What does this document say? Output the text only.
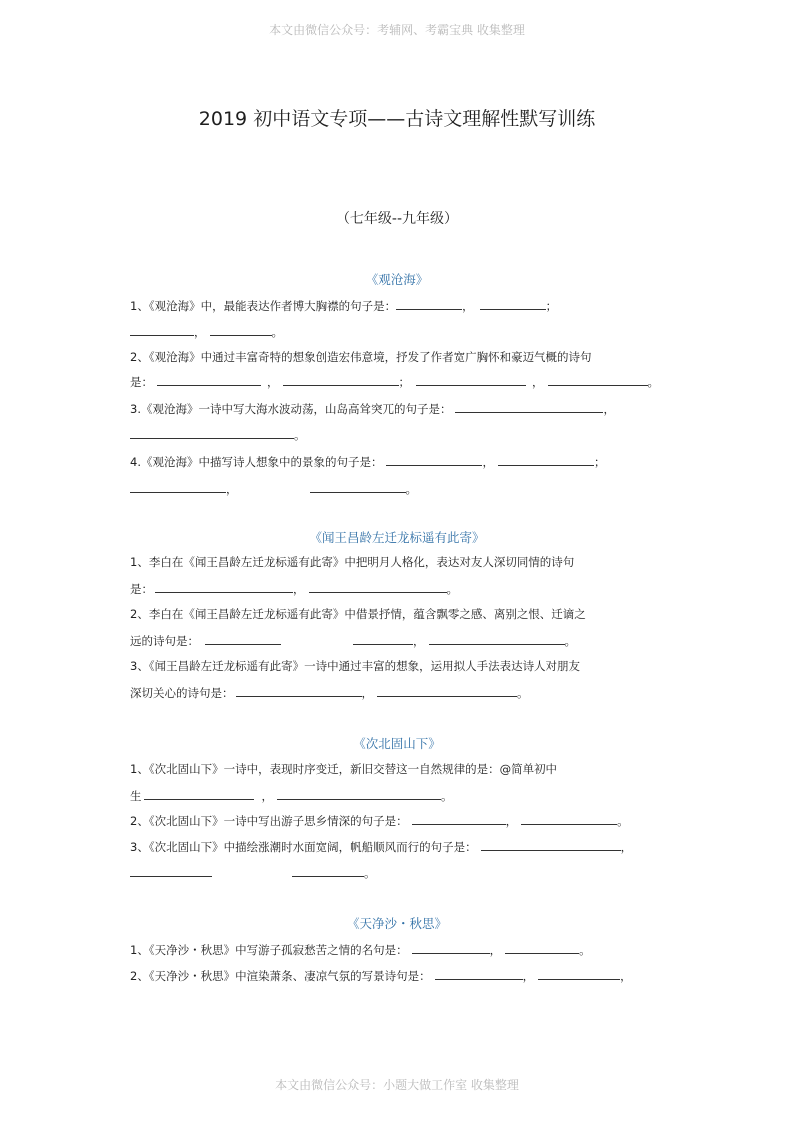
本文由微信公众号：考辅网、考霸宝典 收集整理
2019 初中语文专项——古诗文理解性默写训练
（七年级--九年级）
《观沧海》
1、《观沧海》中，最能表达作者博大胸襟的句子是：	，	；
，	。
2、《观沧海》中通过丰富奇特的想象创造宏伟意境，抒发了作者宽广胸怀和豪迈气概的诗句
是：	，	；	，	。
3.《观沧海》一诗中写大海水波动荡，山岛高耸突兀的句子是：	，
。
4.《观沧海》中描写诗人想象中的景象的句子是：	，	；
，	。
《闻王昌龄左迁龙标遥有此寄》
1、李白在《闻王昌龄左迁龙标遥有此寄》中把明月人格化，表达对友人深切同情的诗句
是：	，	。
2、李白在《闻王昌龄左迁龙标遥有此寄》中借景抒情，蕴含飘零之感、离别之恨、迁谪之
远的诗句是：	，	。
3、《闻王昌龄左迁龙标遥有此寄》一诗中通过丰富的想象，运用拟人手法表达诗人对朋友
深切关心的诗句是：	，	。
《次北固山下》
1、《次北固山下》一诗中，表现时序变迁，新旧交替这一自然规律的是：@简单初中
生	，	。
2、《次北固山下》一诗中写出游子思乡情深的句子是：	，	。
3、《次北固山下》中描绘涨潮时水面宽阔，帆船顺风而行的句子是：	，
。
《天净沙・秋思》
1、《天净沙・秋思》中写游子孤寂愁苦之情的名句是：	，	。
2、《天净沙・秋思》中渲染萧条、凄凉气氛的写景诗句是：	，	，
本文由微信公众号：小题大做工作室 收集整理
